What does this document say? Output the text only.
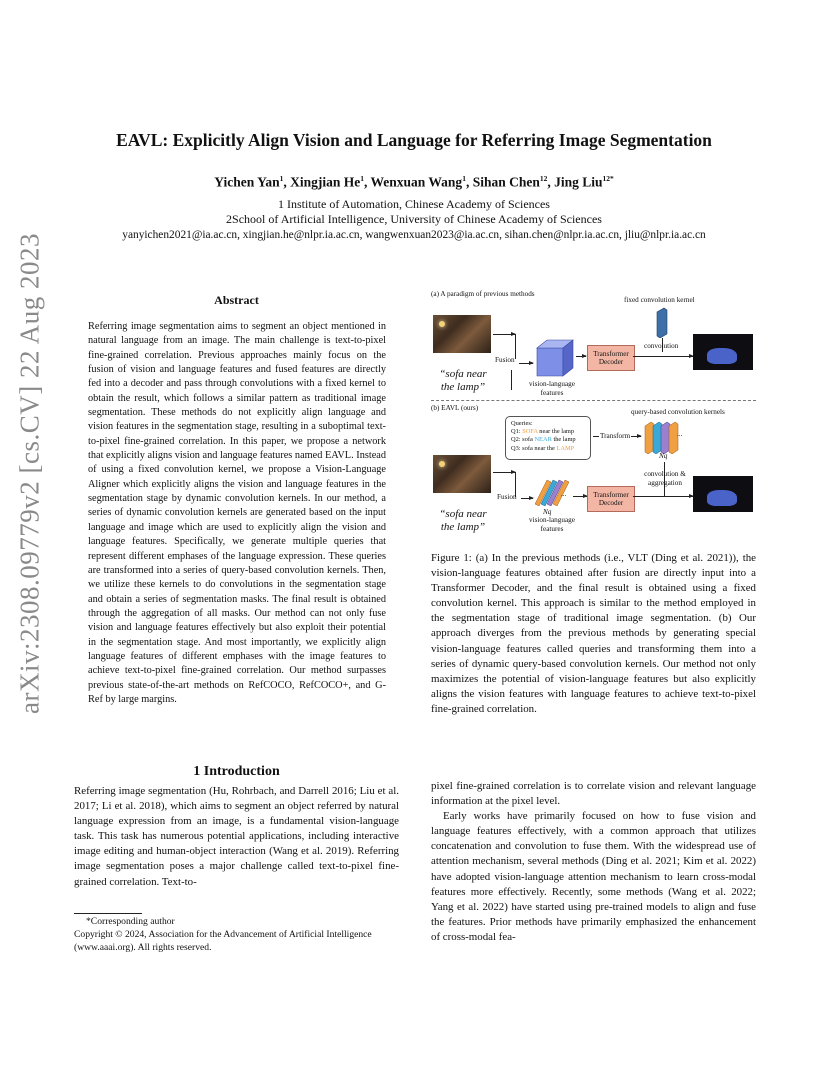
EAVL: Explicitly Align Vision and Language for Referring Image Segmentation
Yichen Yan$^1$, Xingjian He$^1$, Wenxuan Wang$^1$, Sihan Chen$^{12}$, Jing Liu$^{12*}$
1 Institute of Automation, Chinese Academy of Sciences
2School of Artificial Intelligence, University of Chinese Academy of Sciences
yanyichen2021@ia.ac.cn, xingjian.he@nlpr.ia.ac.cn, wangwenxuan2023@ia.ac.cn, sihan.chen@nlpr.ia.ac.cn, jliu@nlpr.ia.ac.cn
arXiv:2308.09779v2 [cs.CV] 22 Aug 2023	Abstract
Referring image segmentation aims to segment an object mentioned in natural language from an image. The main challenge is text-to-pixel fine-grained correlation. Previous approaches mainly focus on the fusion of vision and language features and fused features are directly fed into a decoder and pass through convolutions with a fixed kernel to obtain the result, which follows a similar pattern as traditional image segmentation. These methods do not explicitly align language and vision features in the segmentation stage, resulting in a suboptimal text-to-pixel fine-grained correlation. In this paper, we propose a network that explicitly aligns vision and language features named EAVL. Instead of using a fixed convolution kernel, we propose a Vision-Language Aligner which explicitly aligns the vision and language features in the segmentation stage by dynamic convolution kernels. In our method, a series of dynamic convolution kernels are generated based on the input language and image which are used to explicitly align the vision and language features. Specifically, we generate multiple queries that represent different emphases of the language expression. These queries are transformed into a series of query-based convolution kernels. Then, we utilize these kernels to do convolutions in the segmentation stage and obtain a series of segmentation masks. The final result is obtained through the aggregation of all masks. Our method can not only fuse vision and language features effectively but also exploit their potential in the segmentation stage. And most importantly, we explicitly align language features of different emphases with the image features to achieve text-to-pixel fine-grained correlation. Our method surpasses previous state-of-the-art methods on RefCOCO, RefCOCO+, and G-Ref by large margins.
1 Introduction
Referring image segmentation (Hu, Rohrbach, and Darrell 2016; Liu et al. 2017; Li et al. 2018), which aims to segment an object referred by natural language expression from an image, is a fundamental vision-language task. This task has numerous potential applications, including interactive image editing and human-object interaction (Wang et al. 2019). Referring image segmentation poses a major challenge called text-to-pixel fine-grained correlation. Text-to-
*Corresponding author
Copyright © 2024, Association for the Advancement of Artificial Intelligence (www.aaai.org). All rights reserved.
(a) A paradigm of previous methods
fixed convolution kernel
“sofa near the lamp”
Fusion
vision-language features
Transformer Decoder
convolution
(b) EAVL (ours)	query-based convolution kernels
Queries:
Q1: SOFA near the lamp
Q2: sofa NEAR the lamp
Q3: sofa near the LAMP
Transform	...
Nq
convolution & aggregation
“sofa near the lamp”
Fusion	...
Nq
vision-language features
Transformer Decoder
Figure 1: (a) In the previous methods (i.e., VLT (Ding et al. 2021)), the vision-language features obtained after fusion are directly input into a Transformer Decoder, and the final result is obtained using a fixed convolution kernel. This approach is similar to the method employed in the segmentation stage of traditional image segmentation. (b) Our approach diverges from the previous methods by generating special vision-language features called queries and transforming them into a series of dynamic query-based convolution kernels. Our method not only maximizes the potential of vision-language features but also explicitly aligns the vision features with language features to achieve text-to-pixel fine-grained correlation.
pixel fine-grained correlation is to correlate vision and relevant language information at the pixel level.
Early works have primarily focused on how to fuse vision and language features effectively, with a common approach that utilizes concatenation and convolution to fuse them. With the widespread use of attention mechanism, several methods (Ding et al. 2021; Kim et al. 2022) have adopted vision-language attention mechanism to learn cross-modal features more effectively. Recently, some methods (Wang et al. 2022; Yang et al. 2022) have started using pre-trained models to align and fuse the features. Prior methods have primarily emphasized the enhancement of cross-modal fea-
